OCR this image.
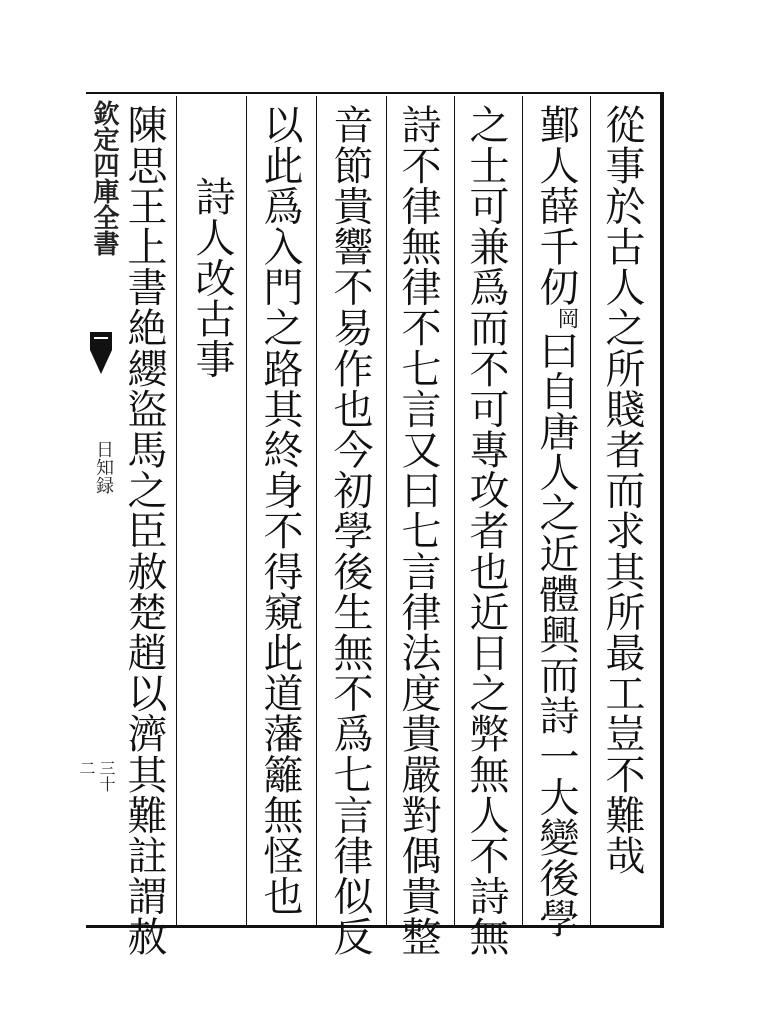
欽定四庫全書
日知録
三十二	從事於古人之所賤者而求其所最工豈不難哉
鄞人薛千仞岡曰自唐人之近體興而詩一大變後學
之士可兼爲而不可專攻者也近日之弊無人不詩無
詩不律無律不七言又曰七言律法度貴嚴對偶貴整
音節貴響不易作也今初學後生無不爲七言律似反
以此爲入門之路其終身不得窺此道藩籬無怪也
詩人改古事
陳思王上書絶纓盜馬之臣赦楚趙以濟其難註謂赦
